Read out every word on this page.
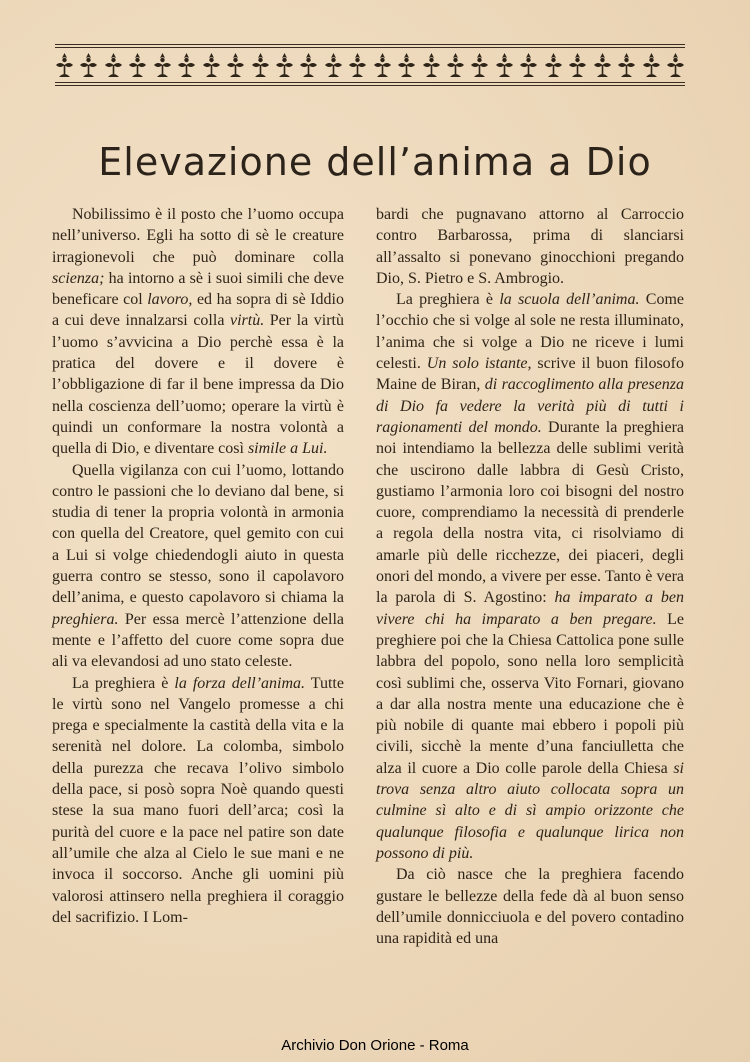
Elevazione dell’anima a Dio

Nobilissimo è il posto che l’uomo occupa nell’universo. Egli ha sotto di sè le creature irragionevoli che può dominare colla scienza; ha intorno a sè i suoi simili che deve beneficare col lavoro, ed ha sopra di sè Iddio a cui deve innalzarsi colla virtù. Per la virtù l’uomo s’avvicina a Dio perchè essa è la pratica del dovere e il dovere è l’obbligazione di far il bene impressa da Dio nella coscienza dell’uomo; operare la virtù è quindi un conformare la nostra volontà a quella di Dio, e diventare così simile a Lui.

Quella vigilanza con cui l’uomo, lottando contro le passioni che lo deviano dal bene, si studia di tener la propria volontà in armonia con quella del Creatore, quel gemito con cui a Lui si volge chiedendogli aiuto in questa guerra contro se stesso, sono il capolavoro dell’anima, e questo capolavoro si chiama la preghiera. Per essa mercè l’attenzione della mente e l’affetto del cuore come sopra due ali va elevandosi ad uno stato celeste.

La preghiera è la forza dell’anima. Tutte le virtù sono nel Vangelo promesse a chi prega e specialmente la castità della vita e la serenità nel dolore. La colomba, simbolo della purezza che recava l’olivo simbolo della pace, si posò sopra Noè quando questi stese la sua mano fuori dell’arca; così la purità del cuore e la pace nel patire son date all’umile che alza al Cielo le sue mani e ne invoca il soccorso. Anche gli uomini più valorosi attinsero nella preghiera il coraggio del sacrifizio. I Lom-

bardi che pugnavano attorno al Carroccio contro Barbarossa, prima di slanciarsi all’assalto si ponevano ginocchioni pregando Dio, S. Pietro e S. Ambrogio.

La preghiera è la scuola dell’anima. Come l’occhio che si volge al sole ne resta illuminato, l’anima che si volge a Dio ne riceve i lumi celesti. Un solo istante, scrive il buon filosofo Maine de Biran, di raccoglimento alla presenza di Dio fa vedere la verità più di tutti i ragionamenti del mondo. Durante la preghiera noi intendiamo la bellezza delle sublimi verità che uscirono dalle labbra di Gesù Cristo, gustiamo l’armonia loro coi bisogni del nostro cuore, comprendiamo la necessità di prenderle a regola della nostra vita, ci risolviamo di amarle più delle ricchezze, dei piaceri, degli onori del mondo, a vivere per esse. Tanto è vera la parola di S. Agostino: ha imparato a ben vivere chi ha imparato a ben pregare. Le preghiere poi che la Chiesa Cattolica pone sulle labbra del popolo, sono nella loro semplicità così sublimi che, osserva Vito Fornari, giovano a dar alla nostra mente una educazione che è più nobile di quante mai ebbero i popoli più civili, sicchè la mente d’una fanciulletta che alza il cuore a Dio colle parole della Chiesa si trova senza altro aiuto collocata sopra un culmine sì alto e di sì ampio orizzonte che qualunque filosofia e qualunque lirica non possono di più.

Da ciò nasce che la preghiera facendo gustare le bellezze della fede dà al buon senso dell’umile donnicciuola e del povero contadino una rapidità ed una

Archivio Don Orione - Roma
